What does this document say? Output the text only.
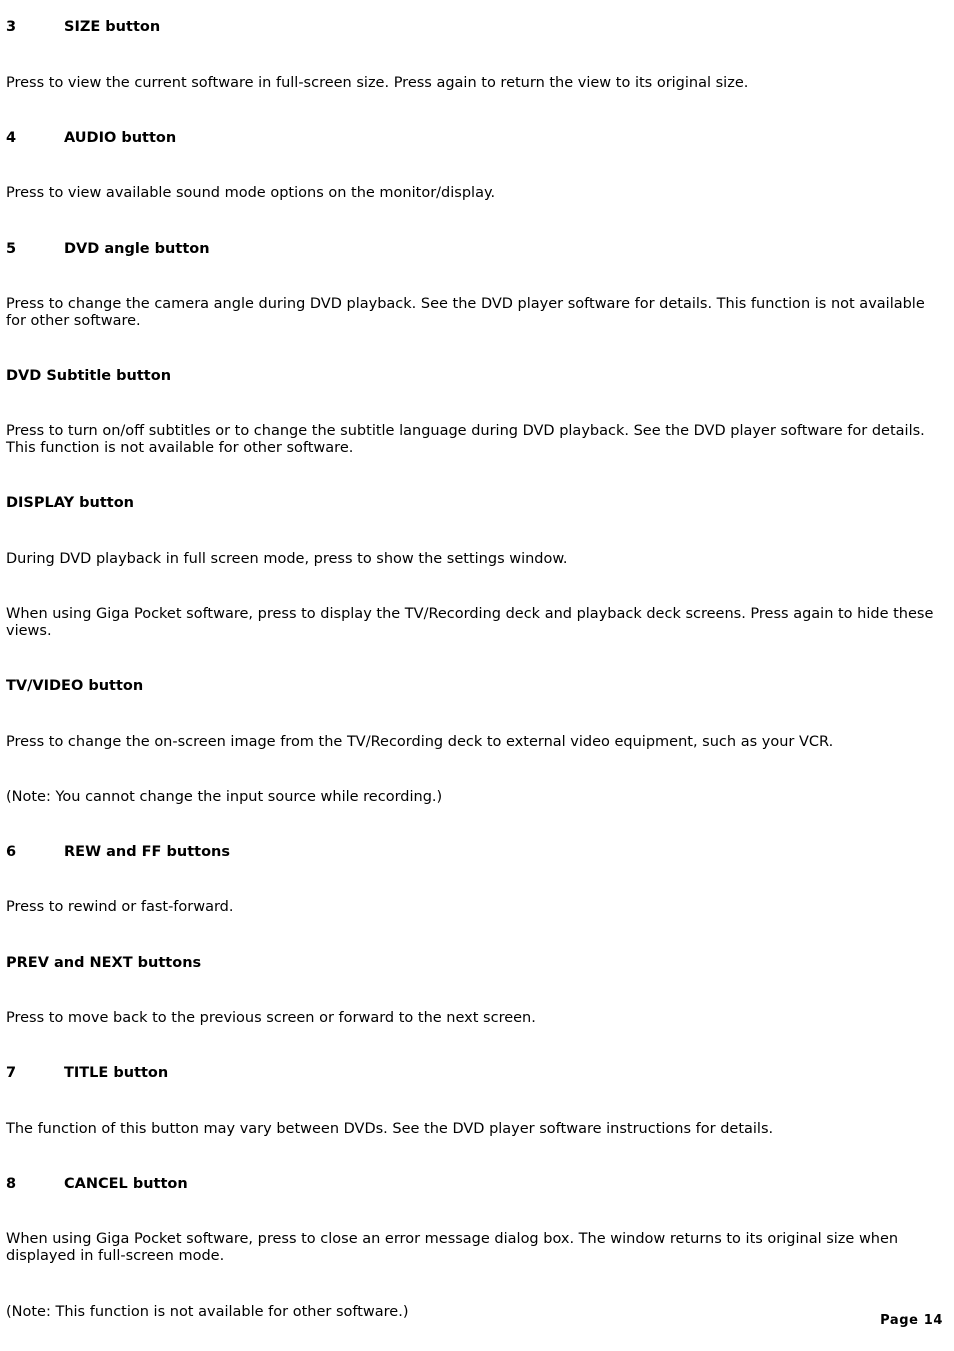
3	SIZE button

Press to view the current software in full-screen size. Press again to return the view to its original size.

4	AUDIO button

Press to view available sound mode options on the monitor/display.

5	DVD angle button

Press to change the camera angle during DVD playback. See the DVD player software for details. This function is not available for other software.

DVD Subtitle button

Press to turn on/off subtitles or to change the subtitle language during DVD playback. See the DVD player software for details. This function is not available for other software.

DISPLAY button

During DVD playback in full screen mode, press to show the settings window.

When using Giga Pocket software, press to display the TV/Recording deck and playback deck screens. Press again to hide these views.

TV/VIDEO button

Press to change the on-screen image from the TV/Recording deck to external video equipment, such as your VCR.

(Note: You cannot change the input source while recording.)

6	REW and FF buttons

Press to rewind or fast-forward.

PREV and NEXT buttons

Press to move back to the previous screen or forward to the next screen.

7	TITLE button

The function of this button may vary between DVDs. See the DVD player software instructions for details.

8	CANCEL button

When using Giga Pocket software, press to close an error message dialog box. The window returns to its original size when displayed in full-screen mode.

(Note: This function is not available for other software.)

Page 14
